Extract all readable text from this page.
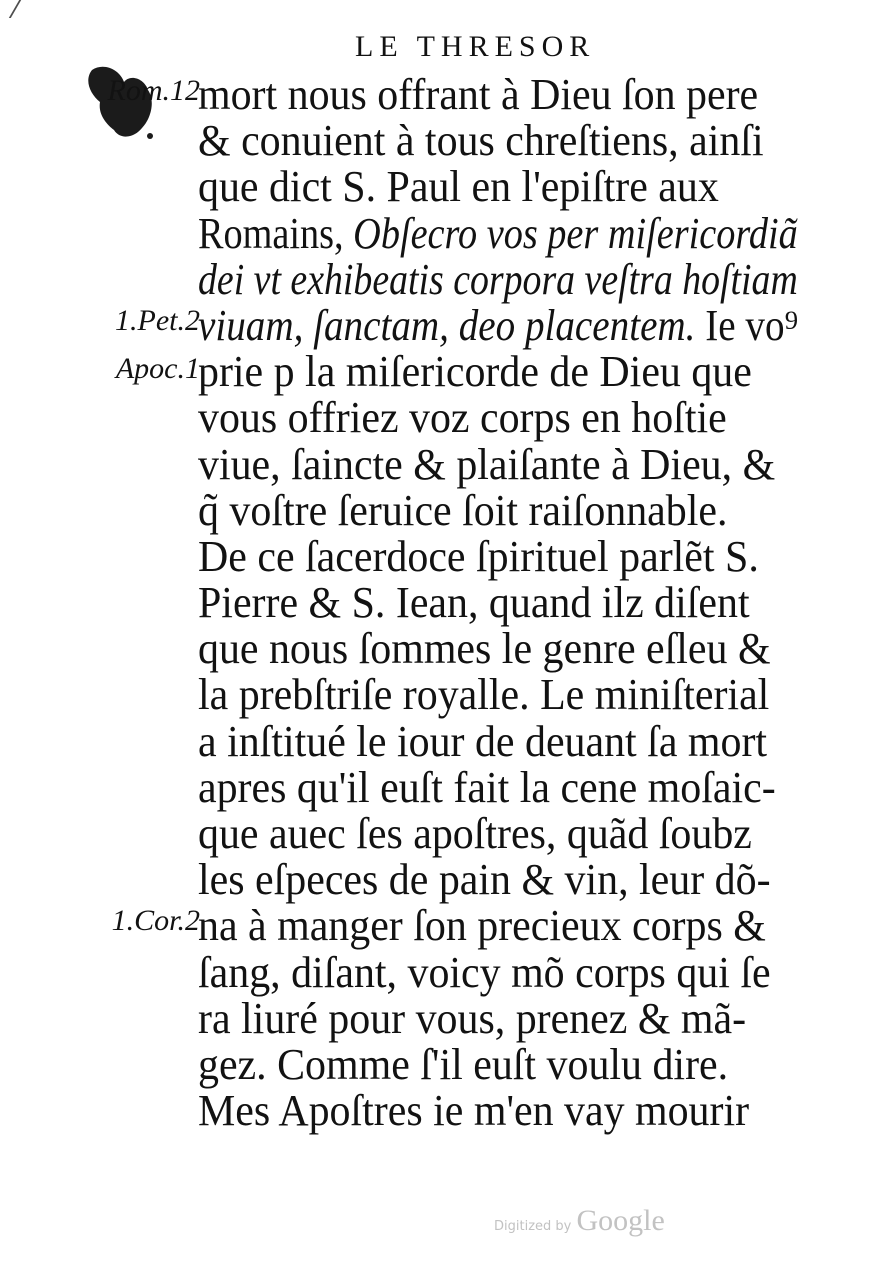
LE THRESOR
Rom.12
1.Pet.2
Apoc.1
1.Cor.2
mort nous offrant à Dieu ſon pere
& conuient à tous chreſtiens, ainſi
que dict S. Paul en l'epiſtre aux
Romains, Obſecro vos per miſericordiã
dei vt exhibeatis corpora veſtra hoſtiam
viuam, ſanctam, deo placentem. Ie vo⁹
prie p la miſericorde de Dieu que
vous offriez voz corps en hoſtie
viue, ſaincte & plaiſante à Dieu, &
q̃ voſtre ſeruice ſoit raiſonnable.
De ce ſacerdoce ſpirituel parlẽt S.
Pierre & S. Iean, quand ilz diſent
que nous ſommes le genre eſleu &
la prebſtriſe royalle. Le miniſterial
a inſtitué le iour de deuant ſa mort
apres qu'il euſt fait la cene moſaic-
que auec ſes apoſtres, quãd ſoubz
les eſpeces de pain & vin, leur dõ-
na à manger ſon precieux corps &
ſang, diſant, voicy mõ corps qui ſe
ra liuré pour vous, prenez & mã-
gez. Comme ſ'il euſt voulu dire.
Mes Apoſtres ie m'en vay mourir
Digitized by Google
